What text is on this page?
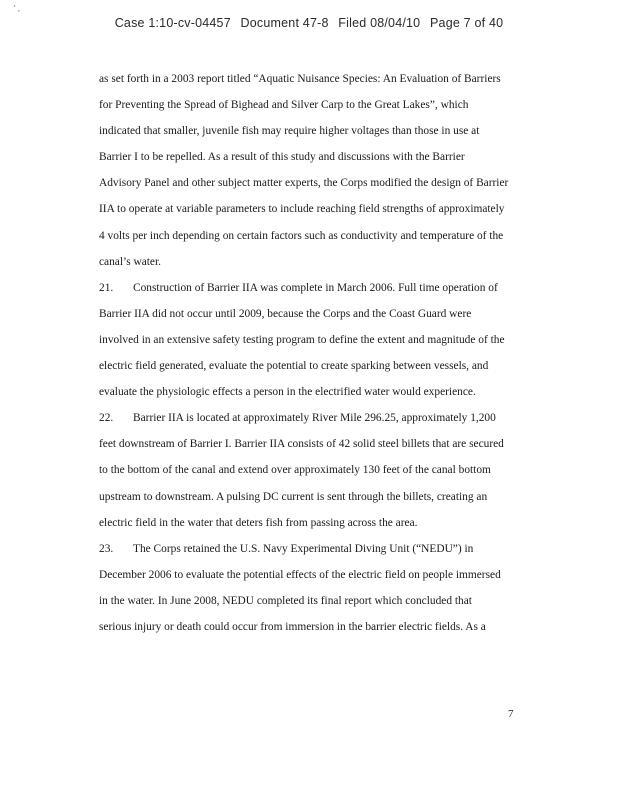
' ,
Case 1:10-cv-04457 Document 47-8 Filed 08/04/10 Page 7 of 40
as set forth in a 2003 report titled “Aquatic Nuisance Species: An Evaluation of Barriers
for Preventing the Spread of Bighead and Silver Carp to the Great Lakes”, which
indicated that smaller, juvenile fish may require higher voltages than those in use at
Barrier I to be repelled. As a result of this study and discussions with the Barrier
Advisory Panel and other subject matter experts, the Corps modified the design of Barrier
IIA to operate at variable parameters to include reaching field strengths of approximately
4 volts per inch depending on certain factors such as conductivity and temperature of the
canal’s water.
21. Construction of Barrier IIA was complete in March 2006. Full time operation of
Barrier IIA did not occur until 2009, because the Corps and the Coast Guard were
involved in an extensive safety testing program to define the extent and magnitude of the
electric field generated, evaluate the potential to create sparking between vessels, and
evaluate the physiologic effects a person in the electrified water would experience.
22. Barrier IIA is located at approximately River Mile 296.25, approximately 1,200
feet downstream of Barrier I. Barrier IIA consists of 42 solid steel billets that are secured
to the bottom of the canal and extend over approximately 130 feet of the canal bottom
upstream to downstream. A pulsing DC current is sent through the billets, creating an
electric field in the water that deters fish from passing across the area.
23. The Corps retained the U.S. Navy Experimental Diving Unit (“NEDU”) in
December 2006 to evaluate the potential effects of the electric field on people immersed
in the water. In June 2008, NEDU completed its final report which concluded that
serious injury or death could occur from immersion in the barrier electric fields. As a
7
